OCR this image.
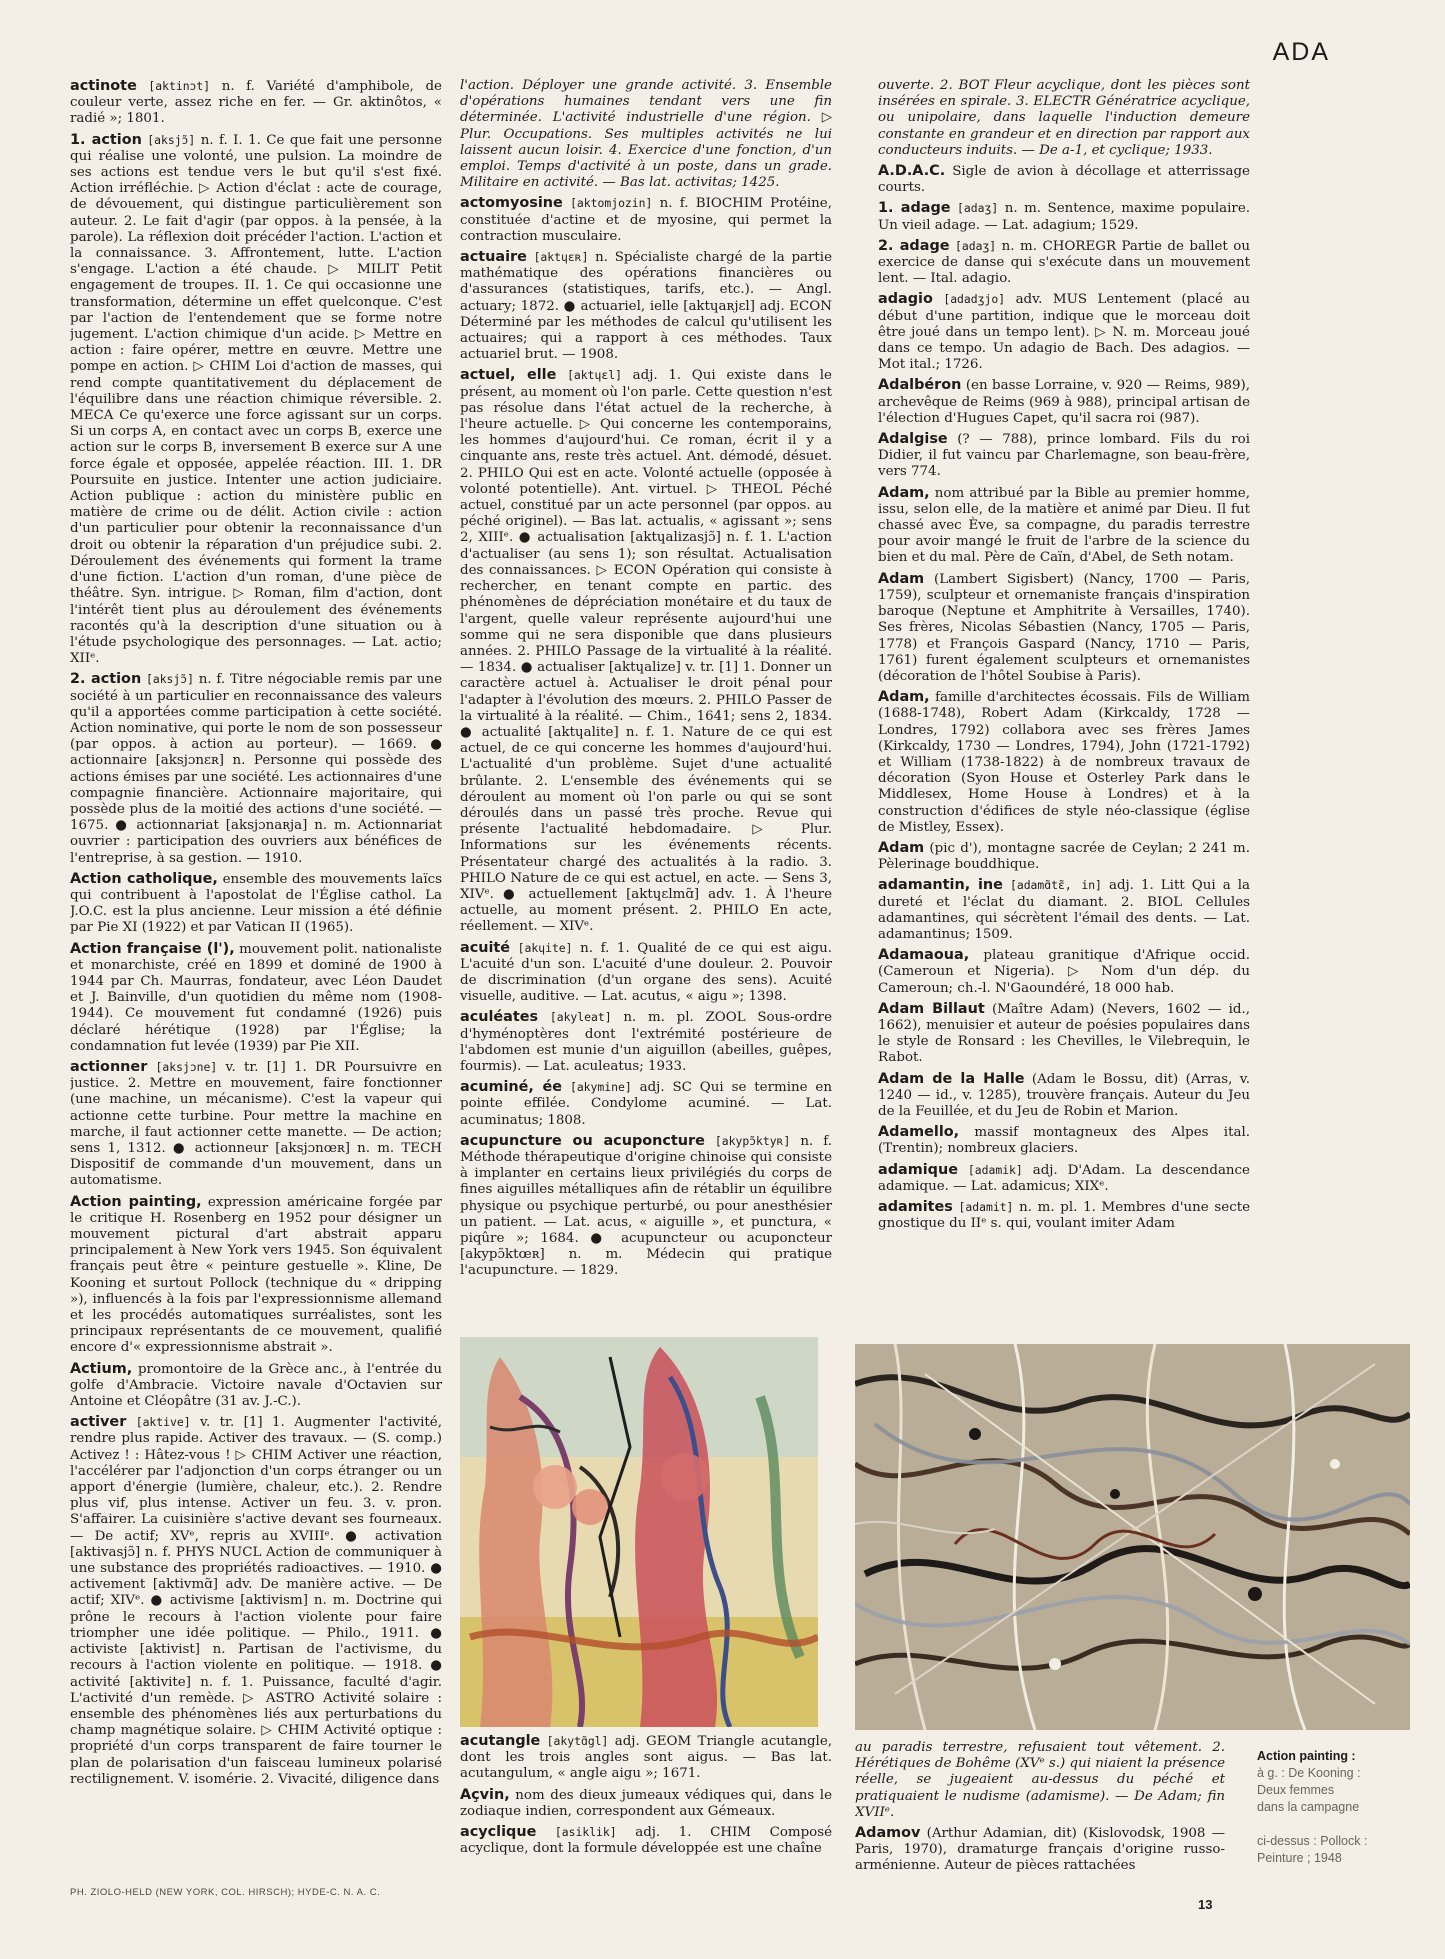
ADA

actinote [aktinɔt] n. f. Variété d'amphibole, de couleur verte, assez riche en fer. — Gr. aktinôtos, « radié »; 1801.

1. action [aksjɔ̃] n. f. I. 1. Ce que fait une personne qui réalise une volonté, une pulsion. La moindre de ses actions est tendue vers le but qu'il s'est fixé. Action irréfléchie. ▷ Action d'éclat : acte de courage, de dévouement, qui distingue particulièrement son auteur. 2. Le fait d'agir (par oppos. à la pensée, à la parole). La réflexion doit précéder l'action. L'action et la connaissance. 3. Affrontement, lutte. L'action s'engage. L'action a été chaude. ▷ MILIT Petit engagement de troupes. II. 1. Ce qui occasionne une transformation, détermine un effet quelconque. C'est par l'action de l'entendement que se forme notre jugement. L'action chimique d'un acide. ▷ Mettre en action : faire opérer, mettre en œuvre. Mettre une pompe en action. ▷ CHIM Loi d'action de masses, qui rend compte quantitativement du déplacement de l'équilibre dans une réaction chimique réversible. 2. MECA Ce qu'exerce une force agissant sur un corps. Si un corps A, en contact avec un corps B, exerce une action sur le corps B, inversement B exerce sur A une force égale et opposée, appelée réaction. III. 1. DR Poursuite en justice. Intenter une action judiciaire. Action publique : action du ministère public en matière de crime ou de délit. Action civile : action d'un particulier pour obtenir la reconnaissance d'un droit ou obtenir la réparation d'un préjudice subi. 2. Déroulement des événements qui forment la trame d'une fiction. L'action d'un roman, d'une pièce de théâtre. Syn. intrigue. ▷ Roman, film d'action, dont l'intérêt tient plus au déroulement des événements racontés qu'à la description d'une situation ou à l'étude psychologique des personnages. — Lat. actio; XIIᵉ.

2. action [aksjɔ̃] n. f. Titre négociable remis par une société à un particulier en reconnaissance des valeurs qu'il a apportées comme participation à cette société. Action nominative, qui porte le nom de son possesseur (par oppos. à action au porteur). — 1669. ● actionnaire [aksjɔnɛʀ] n. Personne qui possède des actions émises par une société. Les actionnaires d'une compagnie financière. Actionnaire majoritaire, qui possède plus de la moitié des actions d'une société. — 1675. ● actionnariat [aksjɔnaʀja] n. m. Actionnariat ouvrier : participation des ouvriers aux bénéfices de l'entreprise, à sa gestion. — 1910.

Action catholique, ensemble des mouvements laïcs qui contribuent à l'apostolat de l'Église cathol. La J.O.C. est la plus ancienne. Leur mission a été définie par Pie XI (1922) et par Vatican II (1965).

Action française (l'), mouvement polit. nationaliste et monarchiste, créé en 1899 et dominé de 1900 à 1944 par Ch. Maurras, fondateur, avec Léon Daudet et J. Bainville, d'un quotidien du même nom (1908-1944). Ce mouvement fut condamné (1926) puis déclaré hérétique (1928) par l'Église; la condamnation fut levée (1939) par Pie XII.

actionner [aksjɔne] v. tr. [1] 1. DR Poursuivre en justice. 2. Mettre en mouvement, faire fonctionner (une machine, un mécanisme). C'est la vapeur qui actionne cette turbine. Pour mettre la machine en marche, il faut actionner cette manette. — De action; sens 1, 1312. ● actionneur [aksjɔnœʀ] n. m. TECH Dispositif de commande d'un mouvement, dans un automatisme.

Action painting, expression américaine forgée par le critique H. Rosenberg en 1952 pour désigner un mouvement pictural d'art abstrait apparu principalement à New York vers 1945. Son équivalent français peut être « peinture gestuelle ». Kline, De Kooning et surtout Pollock (technique du « dripping »), influencés à la fois par l'expressionnisme allemand et les procédés automatiques surréalistes, sont les principaux représentants de ce mouvement, qualifié encore d'« expressionnisme abstrait ».

Actium, promontoire de la Grèce anc., à l'entrée du golfe d'Ambracie. Victoire navale d'Octavien sur Antoine et Cléopâtre (31 av. J.-C.).

activer [aktive] v. tr. [1] 1. Augmenter l'activité, rendre plus rapide. Activer des travaux. — (S. comp.) Activez ! : Hâtez-vous ! ▷ CHIM Activer une réaction, l'accélérer par l'adjonction d'un corps étranger ou un apport d'énergie (lumière, chaleur, etc.). 2. Rendre plus vif, plus intense. Activer un feu. 3. v. pron. S'affairer. La cuisinière s'active devant ses fourneaux. — De actif; XVᵉ, repris au XVIIIᵉ. ● activation [aktivasjɔ̃] n. f. PHYS NUCL Action de communiquer à une substance des propriétés radioactives. — 1910. ● activement [aktivmɑ̃] adv. De manière active. — De actif; XIVᵉ. ● activisme [aktivism] n. m. Doctrine qui prône le recours à l'action violente pour faire triompher une idée politique. — Philo., 1911. ● activiste [aktivist] n. Partisan de l'activisme, du recours à l'action violente en politique. — 1918. ● activité [aktivite] n. f. 1. Puissance, faculté d'agir. L'activité d'un remède. ▷ ASTRO Activité solaire : ensemble des phénomènes liés aux perturbations du champ magnétique solaire. ▷ CHIM Activité optique : propriété d'un corps transparent de faire tourner le plan de polarisation d'un faisceau lumineux polarisé rectilignement. V. isomérie. 2. Vivacité, diligence dans

l'action. Déployer une grande activité. 3. Ensemble d'opérations humaines tendant vers une fin déterminée. L'activité industrielle d'une région. ▷ Plur. Occupations. Ses multiples activités ne lui laissent aucun loisir. 4. Exercice d'une fonction, d'un emploi. Temps d'activité à un poste, dans un grade. Militaire en activité. — Bas lat. activitas; 1425.

actomyosine [aktomjozin] n. f. BIOCHIM Protéine, constituée d'actine et de myosine, qui permet la contraction musculaire.

actuaire [aktɥɛʀ] n. Spécialiste chargé de la partie mathématique des opérations financières ou d'assurances (statistiques, tarifs, etc.). — Angl. actuary; 1872. ● actuariel, ielle [aktɥaʀjɛl] adj. ECON Déterminé par les méthodes de calcul qu'utilisent les actuaires; qui a rapport à ces méthodes. Taux actuariel brut. — 1908.

actuel, elle [aktɥɛl] adj. 1. Qui existe dans le présent, au moment où l'on parle. Cette question n'est pas résolue dans l'état actuel de la recherche, à l'heure actuelle. ▷ Qui concerne les contemporains, les hommes d'aujourd'hui. Ce roman, écrit il y a cinquante ans, reste très actuel. Ant. démodé, désuet. 2. PHILO Qui est en acte. Volonté actuelle (opposée à volonté potentielle). Ant. virtuel. ▷ THEOL Péché actuel, constitué par un acte personnel (par oppos. au péché originel). — Bas lat. actualis, « agissant »; sens 2, XIIIᵉ. ● actualisation [aktɥalizasjɔ̃] n. f. 1. L'action d'actualiser (au sens 1); son résultat. Actualisation des connaissances. ▷ ECON Opération qui consiste à rechercher, en tenant compte en partic. des phénomènes de dépréciation monétaire et du taux de l'argent, quelle valeur représente aujourd'hui une somme qui ne sera disponible que dans plusieurs années. 2. PHILO Passage de la virtualité à la réalité. — 1834. ● actualiser [aktɥalize] v. tr. [1] 1. Donner un caractère actuel à. Actualiser le droit pénal pour l'adapter à l'évolution des mœurs. 2. PHILO Passer de la virtualité à la réalité. — Chim., 1641; sens 2, 1834. ● actualité [aktɥalite] n. f. 1. Nature de ce qui est actuel, de ce qui concerne les hommes d'aujourd'hui. L'actualité d'un problème. Sujet d'une actualité brûlante. 2. L'ensemble des événements qui se déroulent au moment où l'on parle ou qui se sont déroulés dans un passé très proche. Revue qui présente l'actualité hebdomadaire. ▷ Plur. Informations sur les événements récents. Présentateur chargé des actualités à la radio. 3. PHILO Nature de ce qui est actuel, en acte. — Sens 3, XIVᵉ. ● actuellement [aktɥɛlmɑ̃] adv. 1. À l'heure actuelle, au moment présent. 2. PHILO En acte, réellement. — XIVᵉ.

acuité [akɥite] n. f. 1. Qualité de ce qui est aigu. L'acuité d'un son. L'acuité d'une douleur. 2. Pouvoir de discrimination (d'un organe des sens). Acuité visuelle, auditive. — Lat. acutus, « aigu »; 1398.

aculéates [akyleat] n. m. pl. ZOOL Sous-ordre d'hyménoptères dont l'extrémité postérieure de l'abdomen est munie d'un aiguillon (abeilles, guêpes, fourmis). — Lat. aculeatus; 1933.

acuminé, ée [akymine] adj. SC Qui se termine en pointe effilée. Condylome acuminé. — Lat. acuminatus; 1808.

acupuncture ou acuponcture [akypɔ̃ktyʀ] n. f. Méthode thérapeutique d'origine chinoise qui consiste à implanter en certains lieux privilégiés du corps de fines aiguilles métalliques afin de rétablir un équilibre physique ou psychique perturbé, ou pour anesthésier un patient. — Lat. acus, « aiguille », et punctura, « piqûre »; 1684. ● acupuncteur ou acuponcteur [akypɔ̃ktœʀ] n. m. Médecin qui pratique l'acupuncture. — 1829.

ouverte. 2. BOT Fleur acyclique, dont les pièces sont insérées en spirale. 3. ELECTR Génératrice acyclique, ou unipolaire, dans laquelle l'induction demeure constante en grandeur et en direction par rapport aux conducteurs induits. — De a-1, et cyclique; 1933.

A.D.A.C. Sigle de avion à décollage et atterrissage courts.

1. adage [adaʒ] n. m. Sentence, maxime populaire. Un vieil adage. — Lat. adagium; 1529.

2. adage [adaʒ] n. m. CHOREGR Partie de ballet ou exercice de danse qui s'exécute dans un mouvement lent. — Ital. adagio.

adagio [adadʒjo] adv. MUS Lentement (placé au début d'une partition, indique que le morceau doit être joué dans un tempo lent). ▷ N. m. Morceau joué dans ce tempo. Un adagio de Bach. Des adagios. — Mot ital.; 1726.

Adalbéron (en basse Lorraine, v. 920 — Reims, 989), archevêque de Reims (969 à 988), principal artisan de l'élection d'Hugues Capet, qu'il sacra roi (987).

Adalgise (? — 788), prince lombard. Fils du roi Didier, il fut vaincu par Charlemagne, son beau-frère, vers 774.

Adam, nom attribué par la Bible au premier homme, issu, selon elle, de la matière et animé par Dieu. Il fut chassé avec Ève, sa compagne, du paradis terrestre pour avoir mangé le fruit de l'arbre de la science du bien et du mal. Père de Caïn, d'Abel, de Seth notam.

Adam (Lambert Sigisbert) (Nancy, 1700 — Paris, 1759), sculpteur et ornemaniste français d'inspiration baroque (Neptune et Amphitrite à Versailles, 1740). Ses frères, Nicolas Sébastien (Nancy, 1705 — Paris, 1778) et François Gaspard (Nancy, 1710 — Paris, 1761) furent également sculpteurs et ornemanistes (décoration de l'hôtel Soubise à Paris).

Adam, famille d'architectes écossais. Fils de William (1688-1748), Robert Adam (Kirkcaldy, 1728 — Londres, 1792) collabora avec ses frères James (Kirkcaldy, 1730 — Londres, 1794), John (1721-1792) et William (1738-1822) à de nombreux travaux de décoration (Syon House et Osterley Park dans le Middlesex, Home House à Londres) et à la construction d'édifices de style néo-classique (église de Mistley, Essex).

Adam (pic d'), montagne sacrée de Ceylan; 2 241 m. Pèlerinage bouddhique.

adamantin, ine [adamɑ̃tɛ̃, in] adj. 1. Litt Qui a la dureté et l'éclat du diamant. 2. BIOL Cellules adamantines, qui sécrètent l'émail des dents. — Lat. adamantinus; 1509.

Adamaoua, plateau granitique d'Afrique occid. (Cameroun et Nigeria). ▷ Nom d'un dép. du Cameroun; ch.-l. N'Gaoundéré, 18 000 hab.

Adam Billaut (Maître Adam) (Nevers, 1602 — id., 1662), menuisier et auteur de poésies populaires dans le style de Ronsard : les Chevilles, le Vilebrequin, le Rabot.

Adam de la Halle (Adam le Bossu, dit) (Arras, v. 1240 — id., v. 1285), trouvère français. Auteur du Jeu de la Feuillée, et du Jeu de Robin et Marion.

Adamello, massif montagneux des Alpes ital. (Trentin); nombreux glaciers.

adamique [adamik] adj. D'Adam. La descendance adamique. — Lat. adamicus; XIXᵉ.

adamites [adamit] n. m. pl. 1. Membres d'une secte gnostique du IIᵉ s. qui, voulant imiter Adam

acutangle [akytɑ̃gl] adj. GEOM Triangle acutangle, dont les trois angles sont aigus. — Bas lat. acutangulum, « angle aigu »; 1671.

Açvin, nom des dieux jumeaux védiques qui, dans le zodiaque indien, correspondent aux Gémeaux.

acyclique [asiklik] adj. 1. CHIM Composé acyclique, dont la formule développée est une chaîne

au paradis terrestre, refusaient tout vêtement. 2. Hérétiques de Bohême (XVᵉ s.) qui niaient la présence réelle, se jugeaient au-dessus du péché et pratiquaient le nudisme (adamisme). — De Adam; fin XVIIᵉ.

Adamov (Arthur Adamian, dit) (Kislovodsk, 1908 — Paris, 1970), dramaturge français d'origine russo-arménienne. Auteur de pièces rattachées

Action painting :
à g. : De Kooning :
Deux femmes
dans la campagne

ci-dessus : Pollock :
Peinture ; 1948
PH. ZIOLO-HELD (NEW YORK, COL. HIRSCH); HYDE-C. N. A. C.
13
